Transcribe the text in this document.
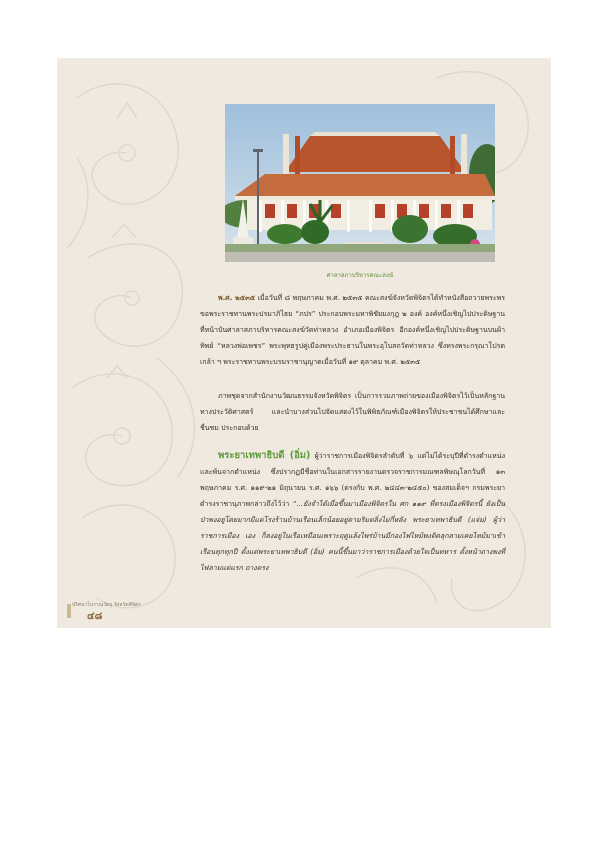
ศาลาสภาบริหารคณะสงฆ์

พ.ศ. ๒๕๓๕ เมื่อวันที่ ๘ พฤษภาคม พ.ศ. ๒๕๓๕ คณะสงฆ์จังหวัดพิจิตรได้ทำหนังสือถวายพระพรขอพระราชทานพระปรมาภิไธย “ภปร” ประกอบพระมหาพิชัยมงกุฎ ๒ องค์ องค์หนึ่งเชิญไปประดิษฐานที่หน้าบันศาลาสภาบริหารคณะสงฆ์วัดท่าหลวง อำเภอเมืองพิจิตร อีกองค์หนึ่งเชิญไปประดิษฐานบนผ้าทิพย์ “หลวงพ่อเพชร” พระพุทธรูปคู่เมืองพระประธานในพระอุโบสถวัดท่าหลวง ซึ่งทรงพระกรุณาโปรดเกล้า ฯ พระราชทานพระบรมราชานุญาตเมื่อวันที่ ๑๙ ตุลาคม พ.ศ. ๒๕๓๕

ภาพชุดจากสำนักงานวัฒนธรรมจังหวัดพิจิตร เป็นการรวมภาพถ่ายของเมืองพิจิตรไว้เป็นหลักฐานทางประวัติศาสตร์ และนำบางส่วนไปจัดแสดงไว้ในพิพิธภัณฑ์เมืองพิจิตรให้ประชาชนได้ศึกษาและชื่นชม ประกอบด้วย

พระยาเทพาธิบดี (อิ่ม) ผู้ว่าราชการเมืองพิจิตรลำดับที่ ๖ แต่ไม่ได้ระบุปีที่ดำรงตำแหน่งและพ้นจากตำแหน่ง ซึ่งปรากฏมีชื่อท่านในเอกสารรายงานตรวจราชการมณฑลพิษณุโลกวันที่ ๑๓ พฤษภาคม ร.ศ. ๑๑๙-๒๑ มิถุนายน ร.ศ. ๑๖๖ (ตรงกับ พ.ศ. ๒๔๔๓-๒๔๕๐) ของสมเด็จฯ กรมพระยาดำรงราชานุภาพกล่าวถึงไว้ว่า “...ยังจำได้เมื่อขึ้นมาเมืองพิจิตรใน ศก ๑๑๙ ที่ตรงเมืองพิจิตรนี้ ยังเป็นป่าพงอยู่โดยมากมีแต่โรงร้านบ้านเรือนเล็กน้อยอยู่ตามริมตลิ่งไม่กี่หลัง พระยาเทพาธิบดี (แจ่ม) ผู้ว่าราชการเมือง เอง ก็ลงอยู่ในเรือเหมือนเพราะฤดูแล้งไพร่บ้านมีกองไฟไหม้พงติดลุกลามเคยไหม้มาเข้าเรือนทุกทุกปี ตั้งแต่พระยาเทพาธิบดี (อิ่ม) คนนี้ขึ้นมาว่าราชการเมืองด้วยใจเป็นทหาร ตั้งหน้าถางพงที่ไฟลามแต่แรก ถางตรง

ปริศนาโบราณวัตถุ จังหวัดพิจิตร
๔๘
